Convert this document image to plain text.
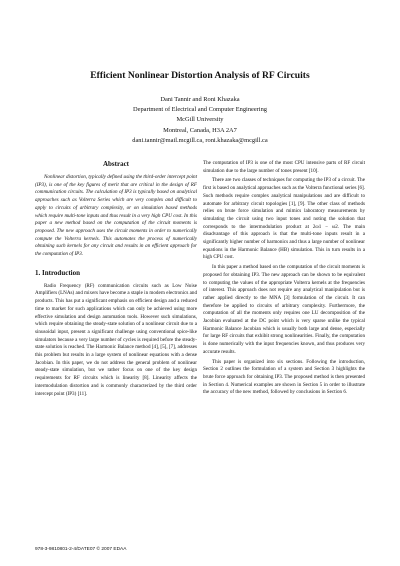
Efficient Nonlinear Distortion Analysis of RF Circuits
Dani Tannir and Roni Khazaka
Department of Electrical and Computer Engineering
McGill University
Montreal, Canada, H3A 2A7
dani.tannir@mail.mcgill.ca, roni.khazaka@mcgill.ca
Abstract

Nonlinear distortion, typically defined using the third-order intercept point (IP3), is one of the key figures of merit that are critical in the design of RF communication circuits. The calculation of IP3 is typically based on analytical approaches such as Volterra Series which are very complex and difficult to apply to circuits of arbitrary complexity, or on simulation based methods which require multi-tone inputs and thus result in a very high CPU cost. In this paper a new method based on the computation of the circuit moments is proposed. The new approach uses the circuit moments in order to numerically compute the Volterra kernels. This automates the process of numerically obtaining such kernels for any circuit and results in an efficient approach for the computation of IP3.

1. Introduction

Radio Frequency (RF) communication circuits such as Low Noise Amplifiers (LNAs) and mixers have become a staple in modern electronics and products. This has put a significant emphasis on efficient design and a reduced time to market for such applications which can only be achieved using more effective simulation and design automation tools. However such simulations, which require obtaining the steady-state solution of a nonlinear circuit due to a sinusoidal input, present a significant challenge using conventional spice-like simulators because a very large number of cycles is required before the steady-state solution is reached. The Harmonic Balance method [4], [5], [7], addresses this problem but results in a large system of nonlinear equations with a dense Jacobian. In this paper, we do not address the general problem of nonlinear steady-state simulation, but we rather focus on one of the key design requirements for RF circuits which is linearity [8]. Linearity affects the intermodulation distortion and is commonly characterized by the third order intercept point (IP3) [11].

The computation of IP3 is one of the most CPU intensive parts of RF circuit simulation due to the large number of tones present [10].

There are two classes of techniques for computing the IP3 of a circuit. The first is based on analytical approaches such as the Volterra functional series [6]. Such methods require complex analytical manipulations and are difficult to automate for arbitrary circuit topologies [1], [9]. The other class of methods relies on brute force simulation and mimics laboratory measurements by simulating the circuit using two input tones and noting the solution that corresponds to the intermodulation product at 2ω1 − ω2. The main disadvantage of this approach is that the multi-tone inputs result in a significantly higher number of harmonics and thus a large number of nonlinear equations in the Harmonic Balance (HB) simulation. This in turn results in a high CPU cost.

In this paper a method based on the computation of the circuit moments is proposed for obtaining IP3. The new approach can be shown to be equivalent to computing the values of the appropriate Volterra kernels at the frequencies of interest. This approach does not require any analytical manipulation but is rather applied directly to the MNA [3] formulation of the circuit. It can therefore be applied to circuits of arbitrary complexity. Furthermore, the computation of all the moments only requires one LU decomposition of the Jacobian evaluated at the DC point which is very sparse unlike the typical Harmonic Balance Jacobian which is usually both large and dense, especially for large RF circuits that exhibit strong nonlinearities. Finally, the computation is done numerically with the input frequencies known, and thus produces very accurate results.

This paper is organized into six sections. Following the introduction, Section 2 outlines the formulation of a system and Section 3 highlights the brute force approach for obtaining IP3. The proposed method is then presented in Section 4. Numerical examples are shown in Section 5 in order to illustrate the accuracy of the new method, followed by conclusions in Section 6.

978-3-9810801-2-4/DATE07 © 2007 EDAA
